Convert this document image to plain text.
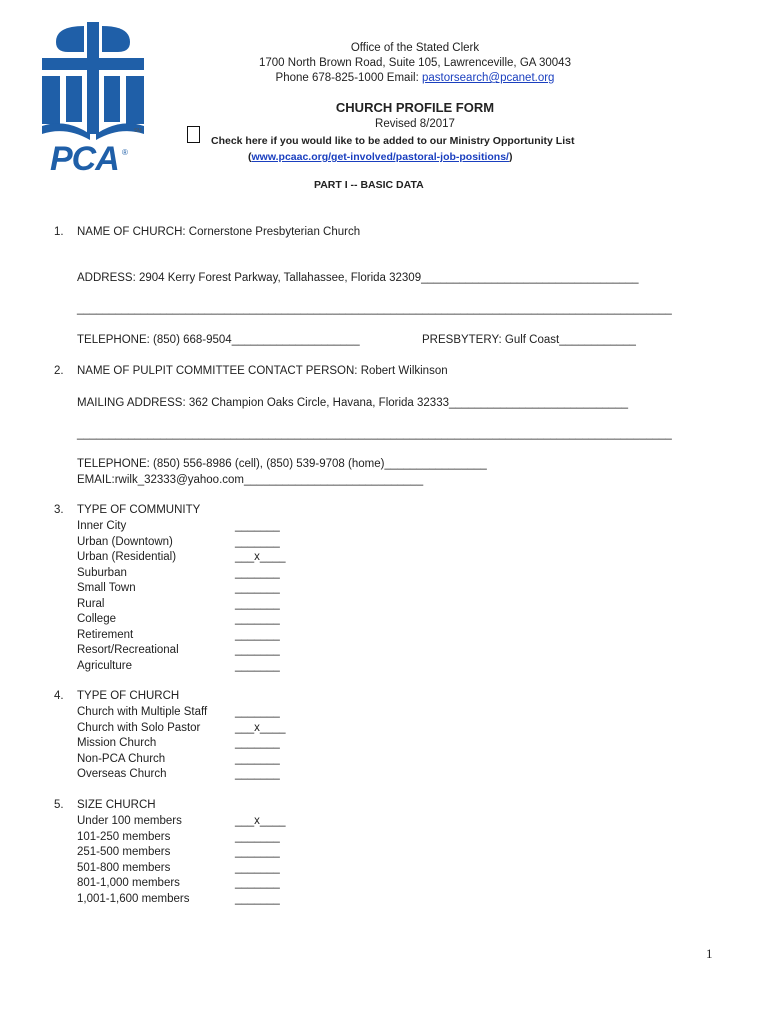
SM
PCA ®
Office of the Stated Clerk
1700 North Brown Road, Suite 105, Lawrenceville, GA 30043
Phone 678-825-1000 Email: pastorsearch@pcanet.org
CHURCH PROFILE FORM
Revised 8/2017
Check here if you would like to be added to our Ministry Opportunity List
(www.pcaac.org/get-involved/pastoral-job-positions/)
PART I -- BASIC DATA
1. NAME OF CHURCH: Cornerstone Presbyterian Church
ADDRESS: 2904 Kerry Forest Parkway, Tallahassee, Florida 32309__________________________________
_____________________________________________________________________________________________
TELEPHONE: (850) 668-9504____________________	PRESBYTERY: Gulf Coast____________
2. NAME OF PULPIT COMMITTEE CONTACT PERSON: Robert Wilkinson
MAILING ADDRESS: 362 Champion Oaks Circle, Havana, Florida 32333____________________________
_____________________________________________________________________________________________
TELEPHONE: (850) 556-8986 (cell), (850) 539-9708 (home)________________
EMAIL:rwilk_32333@yahoo.com____________________________
3. TYPE OF COMMUNITY
Inner City
Urban (Downtown)
Urban (Residential)
Suburban
Small Town
Rural
College
Retirement
Resort/Recreational
Agriculture
_______
_______
___x____
_______
_______
_______
_______
_______
_______
_______
4. TYPE OF CHURCH
Church with Multiple Staff
Church with Solo Pastor
Mission Church
Non-PCA Church
Overseas Church
_______
___x____
_______
_______
_______
5. SIZE CHURCH
Under 100 members
101-250 members
251-500 members
501-800 members
801-1,000 members
1,001-1,600 members
___x____
_______
_______
_______
_______
_______
1
